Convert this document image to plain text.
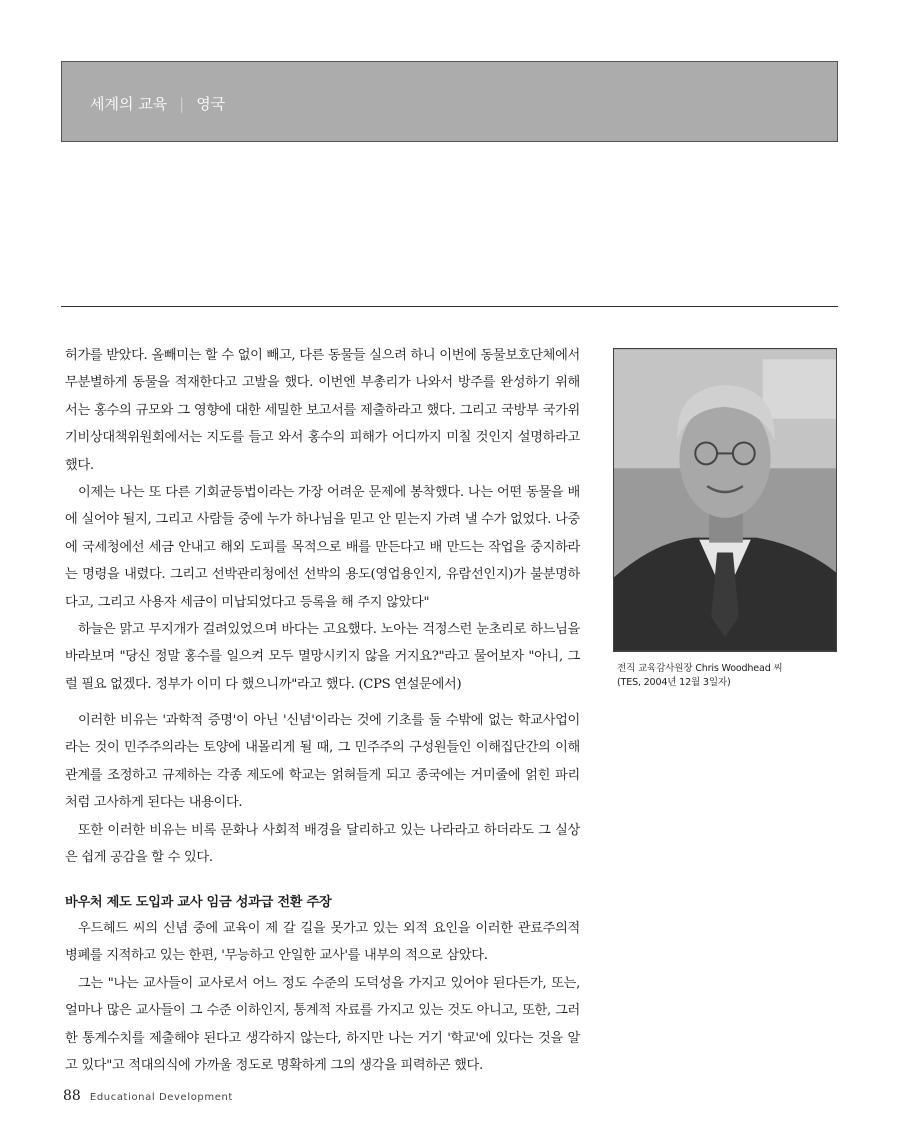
세계의 교육 | 영국

허가를 받았다. 올빼미는 할 수 없이 빼고, 다른 동물들 실으려 하니 이번에 동물보호단체에서 무분별하게 동물을 적재한다고 고발을 했다. 이번엔 부총리가 나와서 방주를 완성하기 위해서는 홍수의 규모와 그 영향에 대한 세밀한 보고서를 제출하라고 했다. 그리고 국방부 국가위기비상대책위원회에서는 지도를 들고 와서 홍수의 피해가 어디까지 미칠 것인지 설명하라고 했다.

이제는 나는 또 다른 기회균등법이라는 가장 어려운 문제에 봉착했다. 나는 어떤 동물을 배에 실어야 될지, 그리고 사람들 중에 누가 하나님을 믿고 안 믿는지 가려 낼 수가 없었다. 나중에 국세청에선 세금 안내고 해외 도피를 목적으로 배를 만든다고 배 만드는 작업을 중지하라는 명령을 내렸다. 그리고 선박관리청에선 선박의 용도(영업용인지, 유람선인지)가 불분명하다고, 그리고 사용자 세금이 미납되었다고 등록을 해 주지 않았다"

하늘은 맑고 무지개가 걸려있었으며 바다는 고요했다. 노아는 걱정스런 눈초리로 하느님을 바라보며 "당신 정말 홍수를 일으켜 모두 멸망시키지 않을 거지요?"라고 물어보자 "아니, 그럴 필요 없겠다. 정부가 이미 다 했으니까"라고 했다. (CPS 연설문에서)

이러한 비유는 '과학적 증명'이 아닌 '신념'이라는 것에 기초를 둘 수밖에 없는 학교사업이라는 것이 민주주의라는 토양에 내몰리게 될 때, 그 민주주의 구성원들인 이해집단간의 이해관계를 조정하고 규제하는 각종 제도에 학교는 얽혀들게 되고 종국에는 거미줄에 얽힌 파리처럼 고사하게 된다는 내용이다.

또한 이러한 비유는 비록 문화나 사회적 배경을 달리하고 있는 나라라고 하더라도 그 실상은 쉽게 공감을 할 수 있다.

바우처 제도 도입과 교사 임금 성과급 전환 주장

우드헤드 씨의 신념 중에 교육이 제 갈 길을 못가고 있는 외적 요인을 이러한 관료주의적 병폐를 지적하고 있는 한편, '무능하고 안일한 교사'를 내부의 적으로 삼았다.

그는 "나는 교사들이 교사로서 어느 정도 수준의 도덕성을 가지고 있어야 된다든가, 또는, 얼마나 많은 교사들이 그 수준 이하인지, 통계적 자료를 가지고 있는 것도 아니고, 또한, 그러한 통계수치를 제출해야 된다고 생각하지 않는다, 하지만 나는 거기 '학교'에 있다는 것을 알고 있다"고 적대의식에 가까울 정도로 명확하게 그의 생각을 피력하곤 했다.

전직 교육감사원장 Chris Woodhead 씨
(TES, 2004년 12월 3일자)
88 Educational Development
